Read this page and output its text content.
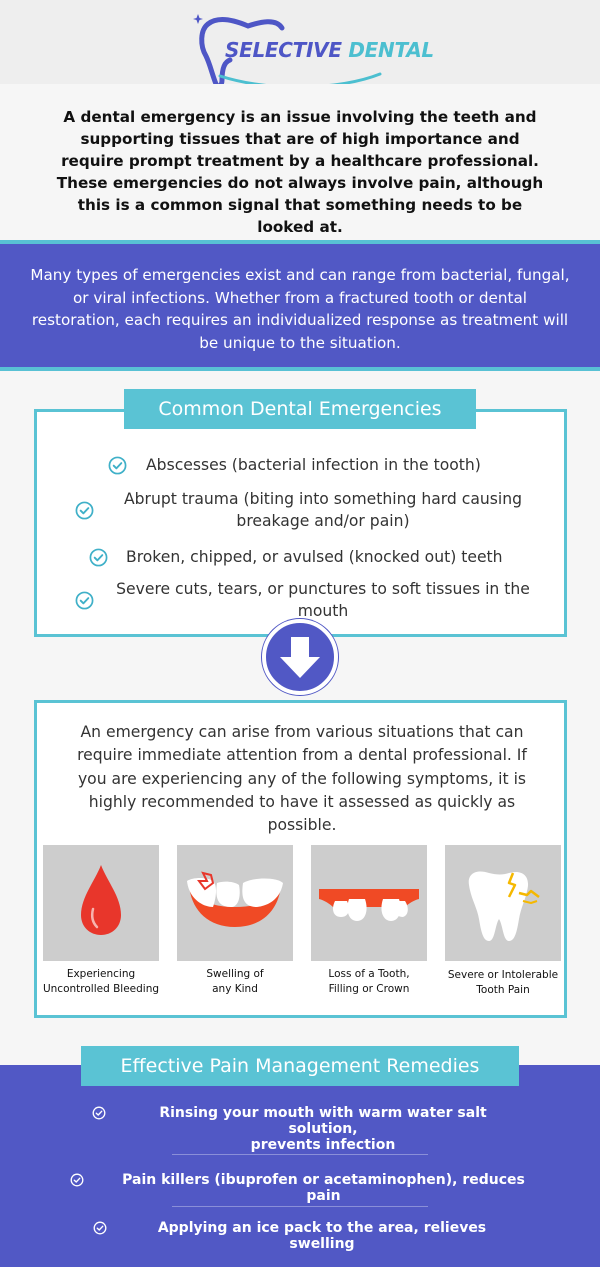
SELECTIVE DENTAL

A dental emergency is an issue involving the teeth and supporting tissues that are of high importance and require prompt treatment by a healthcare professional. These emergencies do not always involve pain, although this is a common signal that something needs to be looked at.

Many types of emergencies exist and can range from bacterial, fungal, or viral infections. Whether from a fractured tooth or dental restoration, each requires an individualized response as treatment will be unique to the situation.

Abscesses (bacterial infection in the tooth)
Abrupt trauma (biting into something hard causing breakage and/or pain)
Broken, chipped, or avulsed (knocked out) teeth
Severe cuts, tears, or punctures to soft tissues in the mouth
Common Dental Emergencies

An emergency can arise from various situations that can require immediate attention from a dental professional. If you are experiencing any of the following symptoms, it is highly recommended to have it assessed as quickly as possible.

Experiencing
Uncontrolled Bleeding
Swelling of
any Kind
Loss of a Tooth,
Filling or Crown
Severe or Intolerable
Tooth Pain
Rinsing your mouth with warm water salt solution,
prevents infection
Pain killers (ibuprofen or acetaminophen), reduces pain
Applying an ice pack to the area, relieves swelling
Effective Pain Management Remedies
